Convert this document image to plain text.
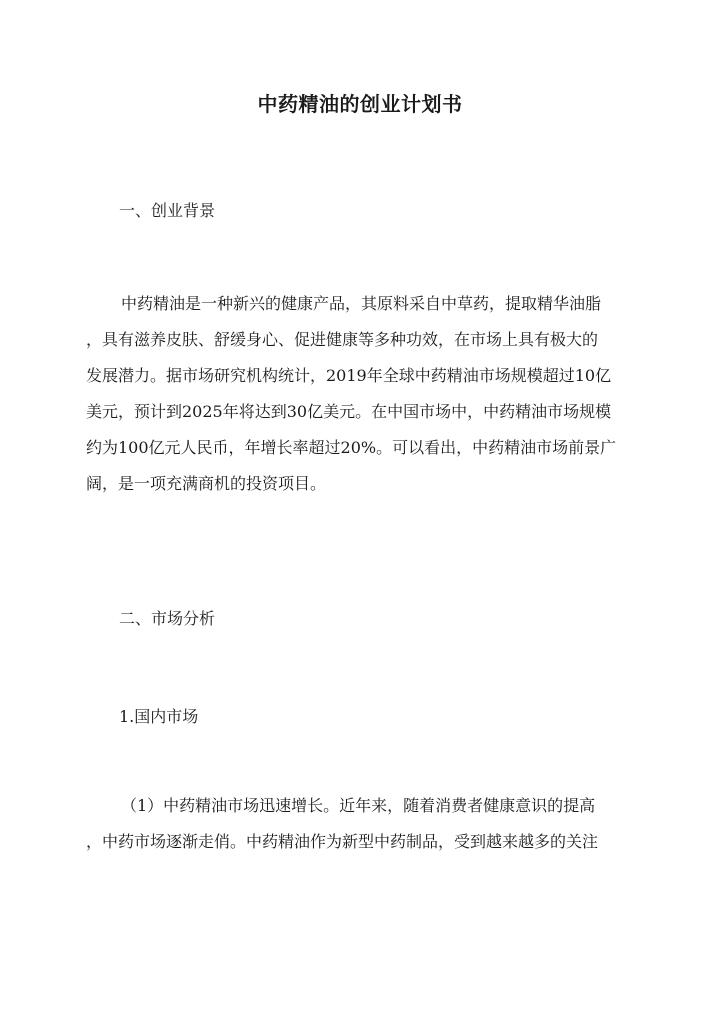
中药精油的创业计划书
一、创业背景
中药精油是一种新兴的健康产品，其原料采自中草药，提取精华油脂
，具有滋养皮肤、舒缓身心、促进健康等多种功效，在市场上具有极大的
发展潜力。据市场研究机构统计，2019年全球中药精油市场规模超过10亿
美元，预计到2025年将达到30亿美元。在中国市场中，中药精油市场规模
约为100亿元人民币，年增长率超过20%。可以看出，中药精油市场前景广
阔，是一项充满商机的投资项目。
二、市场分析
1.国内市场
（1）中药精油市场迅速增长。近年来，随着消费者健康意识的提高
，中药市场逐渐走俏。中药精油作为新型中药制品，受到越来越多的关注
